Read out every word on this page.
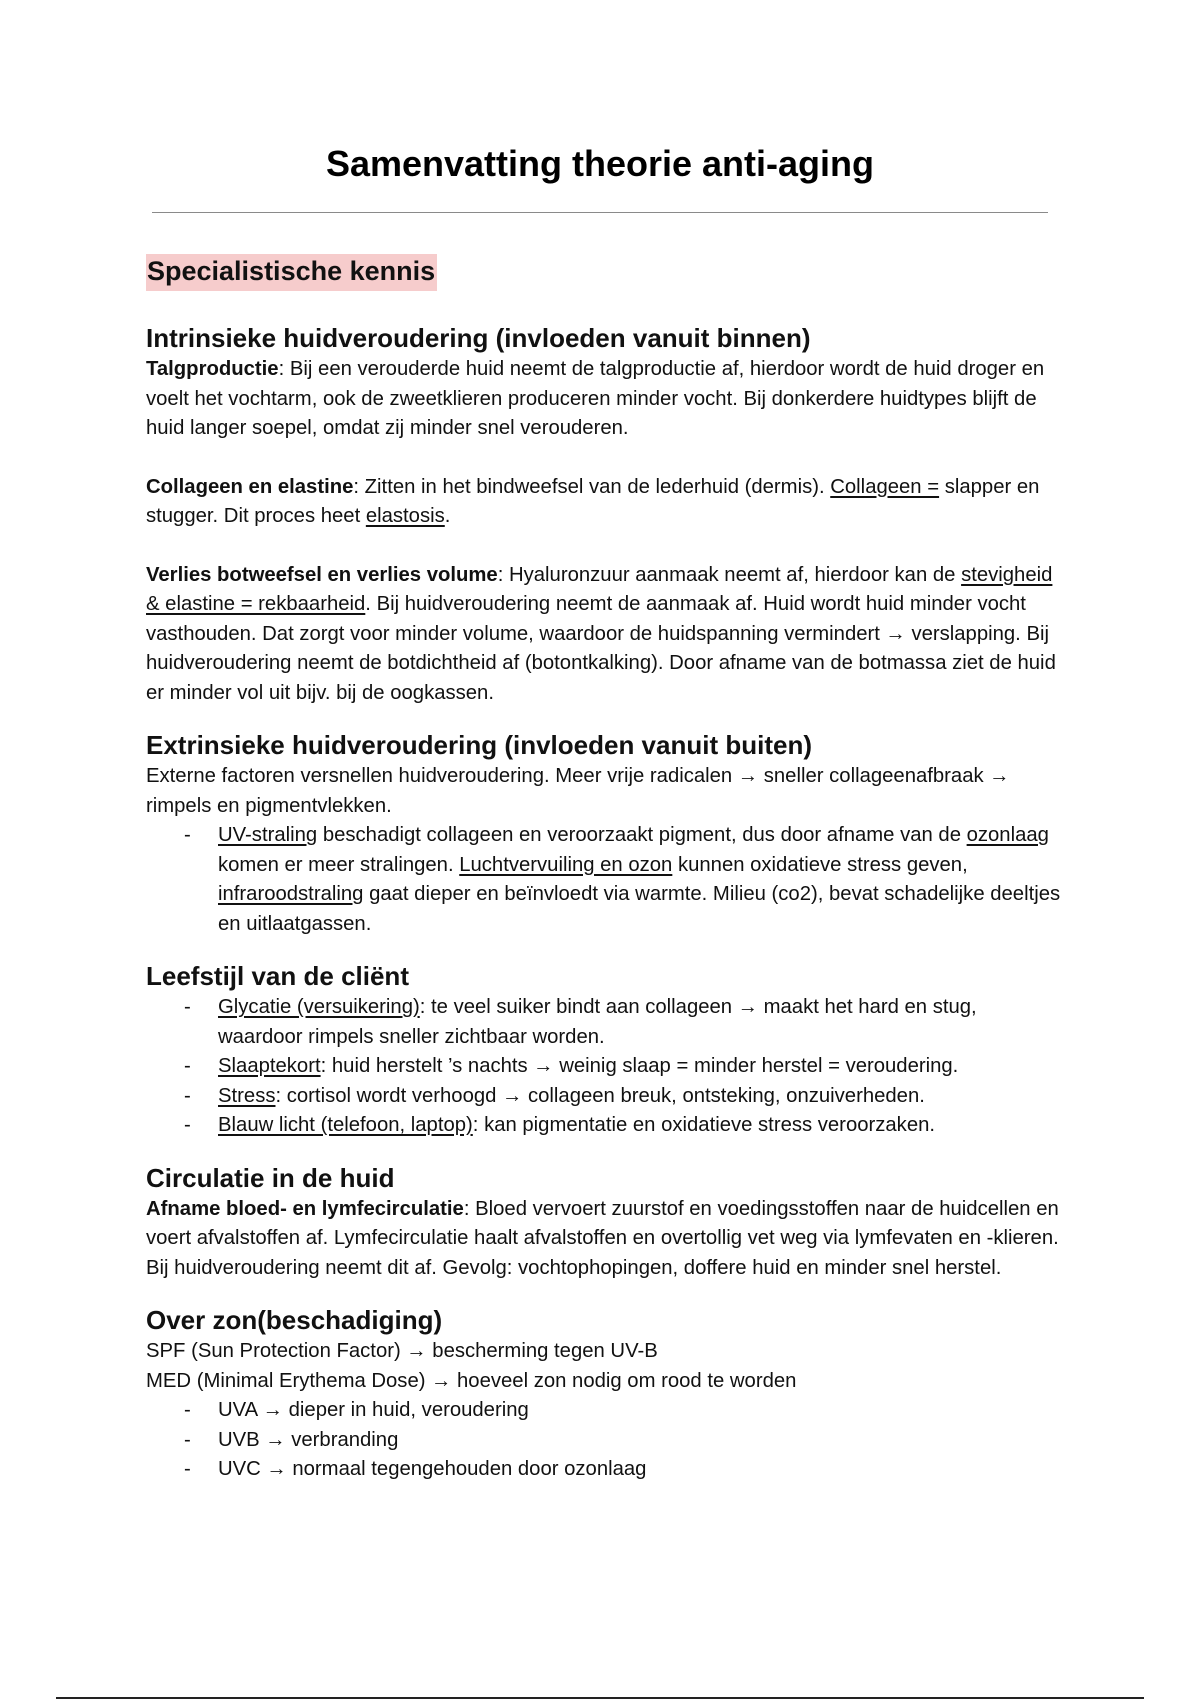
Samenvatting theorie anti-aging
Specialistische kennis
Intrinsieke huidveroudering (invloeden vanuit binnen)

Talgproductie: Bij een verouderde huid neemt de talgproductie af, hierdoor wordt de huid droger en voelt het vochtarm, ook de zweetklieren produceren minder vocht. Bij donkerdere huidtypes blijft de huid langer soepel, omdat zij minder snel verouderen.

Collageen en elastine: Zitten in het bindweefsel van de lederhuid (dermis). Collageen = slapper en stugger. Dit proces heet elastosis.

Verlies botweefsel en verlies volume: Hyaluronzuur aanmaak neemt af, hierdoor kan de stevigheid & elastine = rekbaarheid. Bij huidveroudering neemt de aanmaak af. Huid wordt huid minder vocht vasthouden. Dat zorgt voor minder volume, waardoor de huidspanning vermindert → verslapping. Bij huidveroudering neemt de botdichtheid af (botontkalking). Door afname van de botmassa ziet de huid er minder vol uit bijv. bij de oogkassen.

Extrinsieke huidveroudering (invloeden vanuit buiten)

Externe factoren versnellen huidveroudering. Meer vrije radicalen → sneller collageenafbraak → rimpels en pigmentvlekken.

- UV-straling beschadigt collageen en veroorzaakt pigment, dus door afname van de ozonlaag komen er meer stralingen. Luchtvervuiling en ozon kunnen oxidatieve stress geven, infraroodstraling gaat dieper en beïnvloedt via warmte. Milieu (co2), bevat schadelijke deeltjes en uitlaatgassen.
Leefstijl van de cliënt
- Glycatie (versuikering): te veel suiker bindt aan collageen → maakt het hard en stug, waardoor rimpels sneller zichtbaar worden.
- Slaaptekort: huid herstelt ’s nachts → weinig slaap = minder herstel = veroudering.
- Stress: cortisol wordt verhoogd → collageen breuk, ontsteking, onzuiverheden.
- Blauw licht (telefoon, laptop): kan pigmentatie en oxidatieve stress veroorzaken.
Circulatie in de huid

Afname bloed- en lymfecirculatie: Bloed vervoert zuurstof en voedingsstoffen naar de huidcellen en voert afvalstoffen af. Lymfecirculatie haalt afvalstoffen en overtollig vet weg via lymfevaten en -klieren. Bij huidveroudering neemt dit af. Gevolg: vochtophopingen, doffere huid en minder snel herstel.

Over zon(beschadiging)

SPF (Sun Protection Factor) → bescherming tegen UV-B

MED (Minimal Erythema Dose) → hoeveel zon nodig om rood te worden

- UVA → dieper in huid, veroudering
- UVB → verbranding
- UVC → normaal tegengehouden door ozonlaag
